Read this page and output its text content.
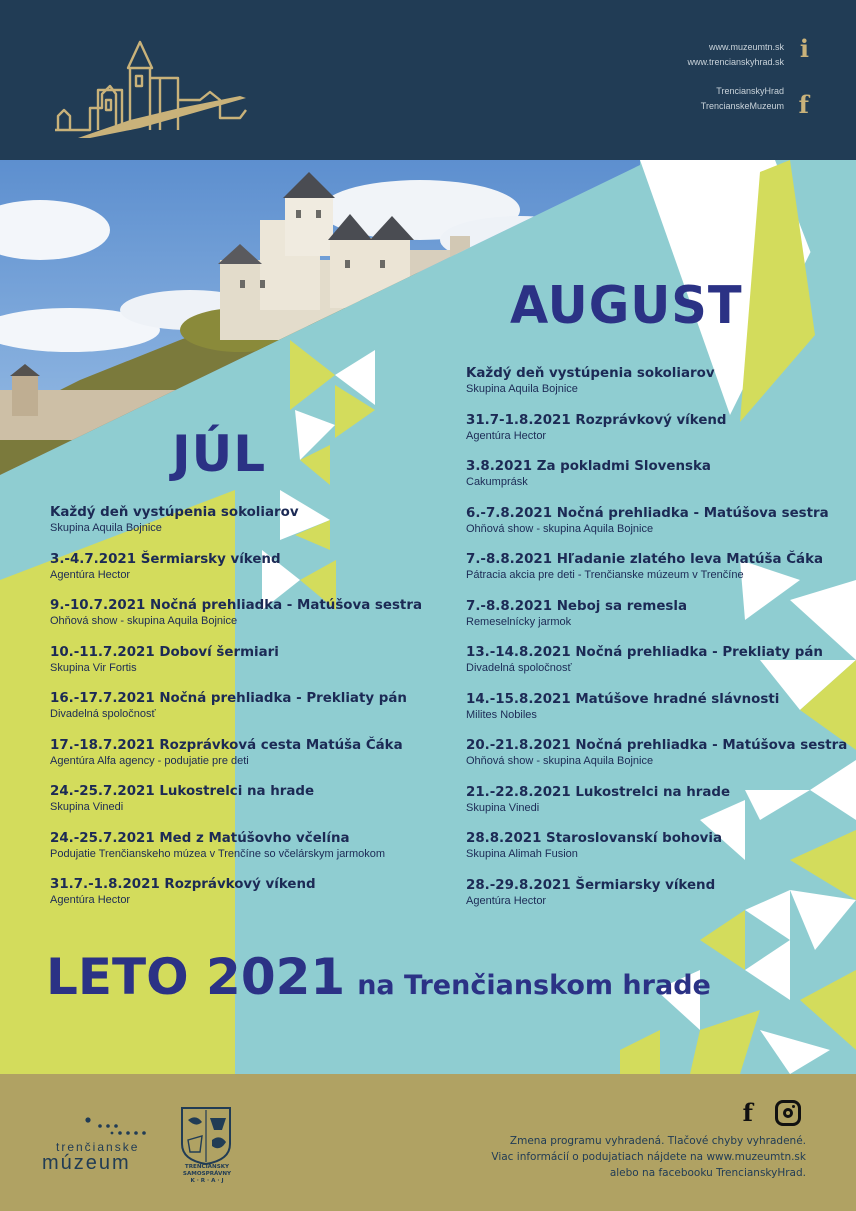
www.muzeumtn.sk
www.trencianskyhrad.sk
TrencianskyHrad
TrencianskeMuzeum
i
f
AUGUST
JÚL
Každý deň vystúpenia sokoliarov
Skupina Aquila Bojnice
3.-4.7.2021 Šermiarsky víkend
Agentúra Hector
9.-10.7.2021 Nočná prehliadka - Matúšova sestra
Ohňová show - skupina Aquila Bojnice
10.-11.7.2021 Doboví šermiari
Skupina Vir Fortis
16.-17.7.2021 Nočná prehliadka - Prekliaty pán
Divadelná spoločnosť
17.-18.7.2021 Rozprávková cesta Matúša Čáka
Agentúra Alfa agency - podujatie pre deti
24.-25.7.2021 Lukostrelci na hrade
Skupina Vinedi
24.-25.7.2021 Med z Matúšovho včelína
Podujatie Trenčianskeho múzea v Trenčíne so včelárskym jarmokom
31.7.-1.8.2021 Rozprávkový víkend
Agentúra Hector
Každý deň vystúpenia sokoliarov
Skupina Aquila Bojnice
31.7-1.8.2021 Rozprávkový víkend
Agentúra Hector
3.8.2021 Za pokladmi Slovenska
Cakumprásk
6.-7.8.2021 Nočná prehliadka - Matúšova sestra
Ohňová show - skupina Aquila Bojnice
7.-8.8.2021 Hľadanie zlatého leva Matúša Čáka
Pátracia akcia pre deti - Trenčianske múzeum v Trenčíne
7.-8.8.2021 Neboj sa remesla
Remeselnícky jarmok
13.-14.8.2021 Nočná prehliadka - Prekliaty pán
Divadelná spoločnosť
14.-15.8.2021 Matúšove hradné slávnosti
Milites Nobiles
20.-21.8.2021 Nočná prehliadka - Matúšova sestra
Ohňová show - skupina Aquila Bojnice
21.-22.8.2021 Lukostrelci na hrade
Skupina Vinedi
28.8.2021 Staroslovanskí bohovia
Skupina Alimah Fusion
28.-29.8.2021 Šermiarsky víkend
Agentúra Hector
LETO 2021 na Trenčianskom hrade
trenčianske
múzeum	TRENČIANSKY
SAMOSPRÁVNY
K · R · A · J
f
Zmena programu vyhradená. Tlačové chyby vyhradené.
Viac informácií o podujatiach nájdete na www.muzeumtn.sk
alebo na facebooku TrencianskyHrad.
